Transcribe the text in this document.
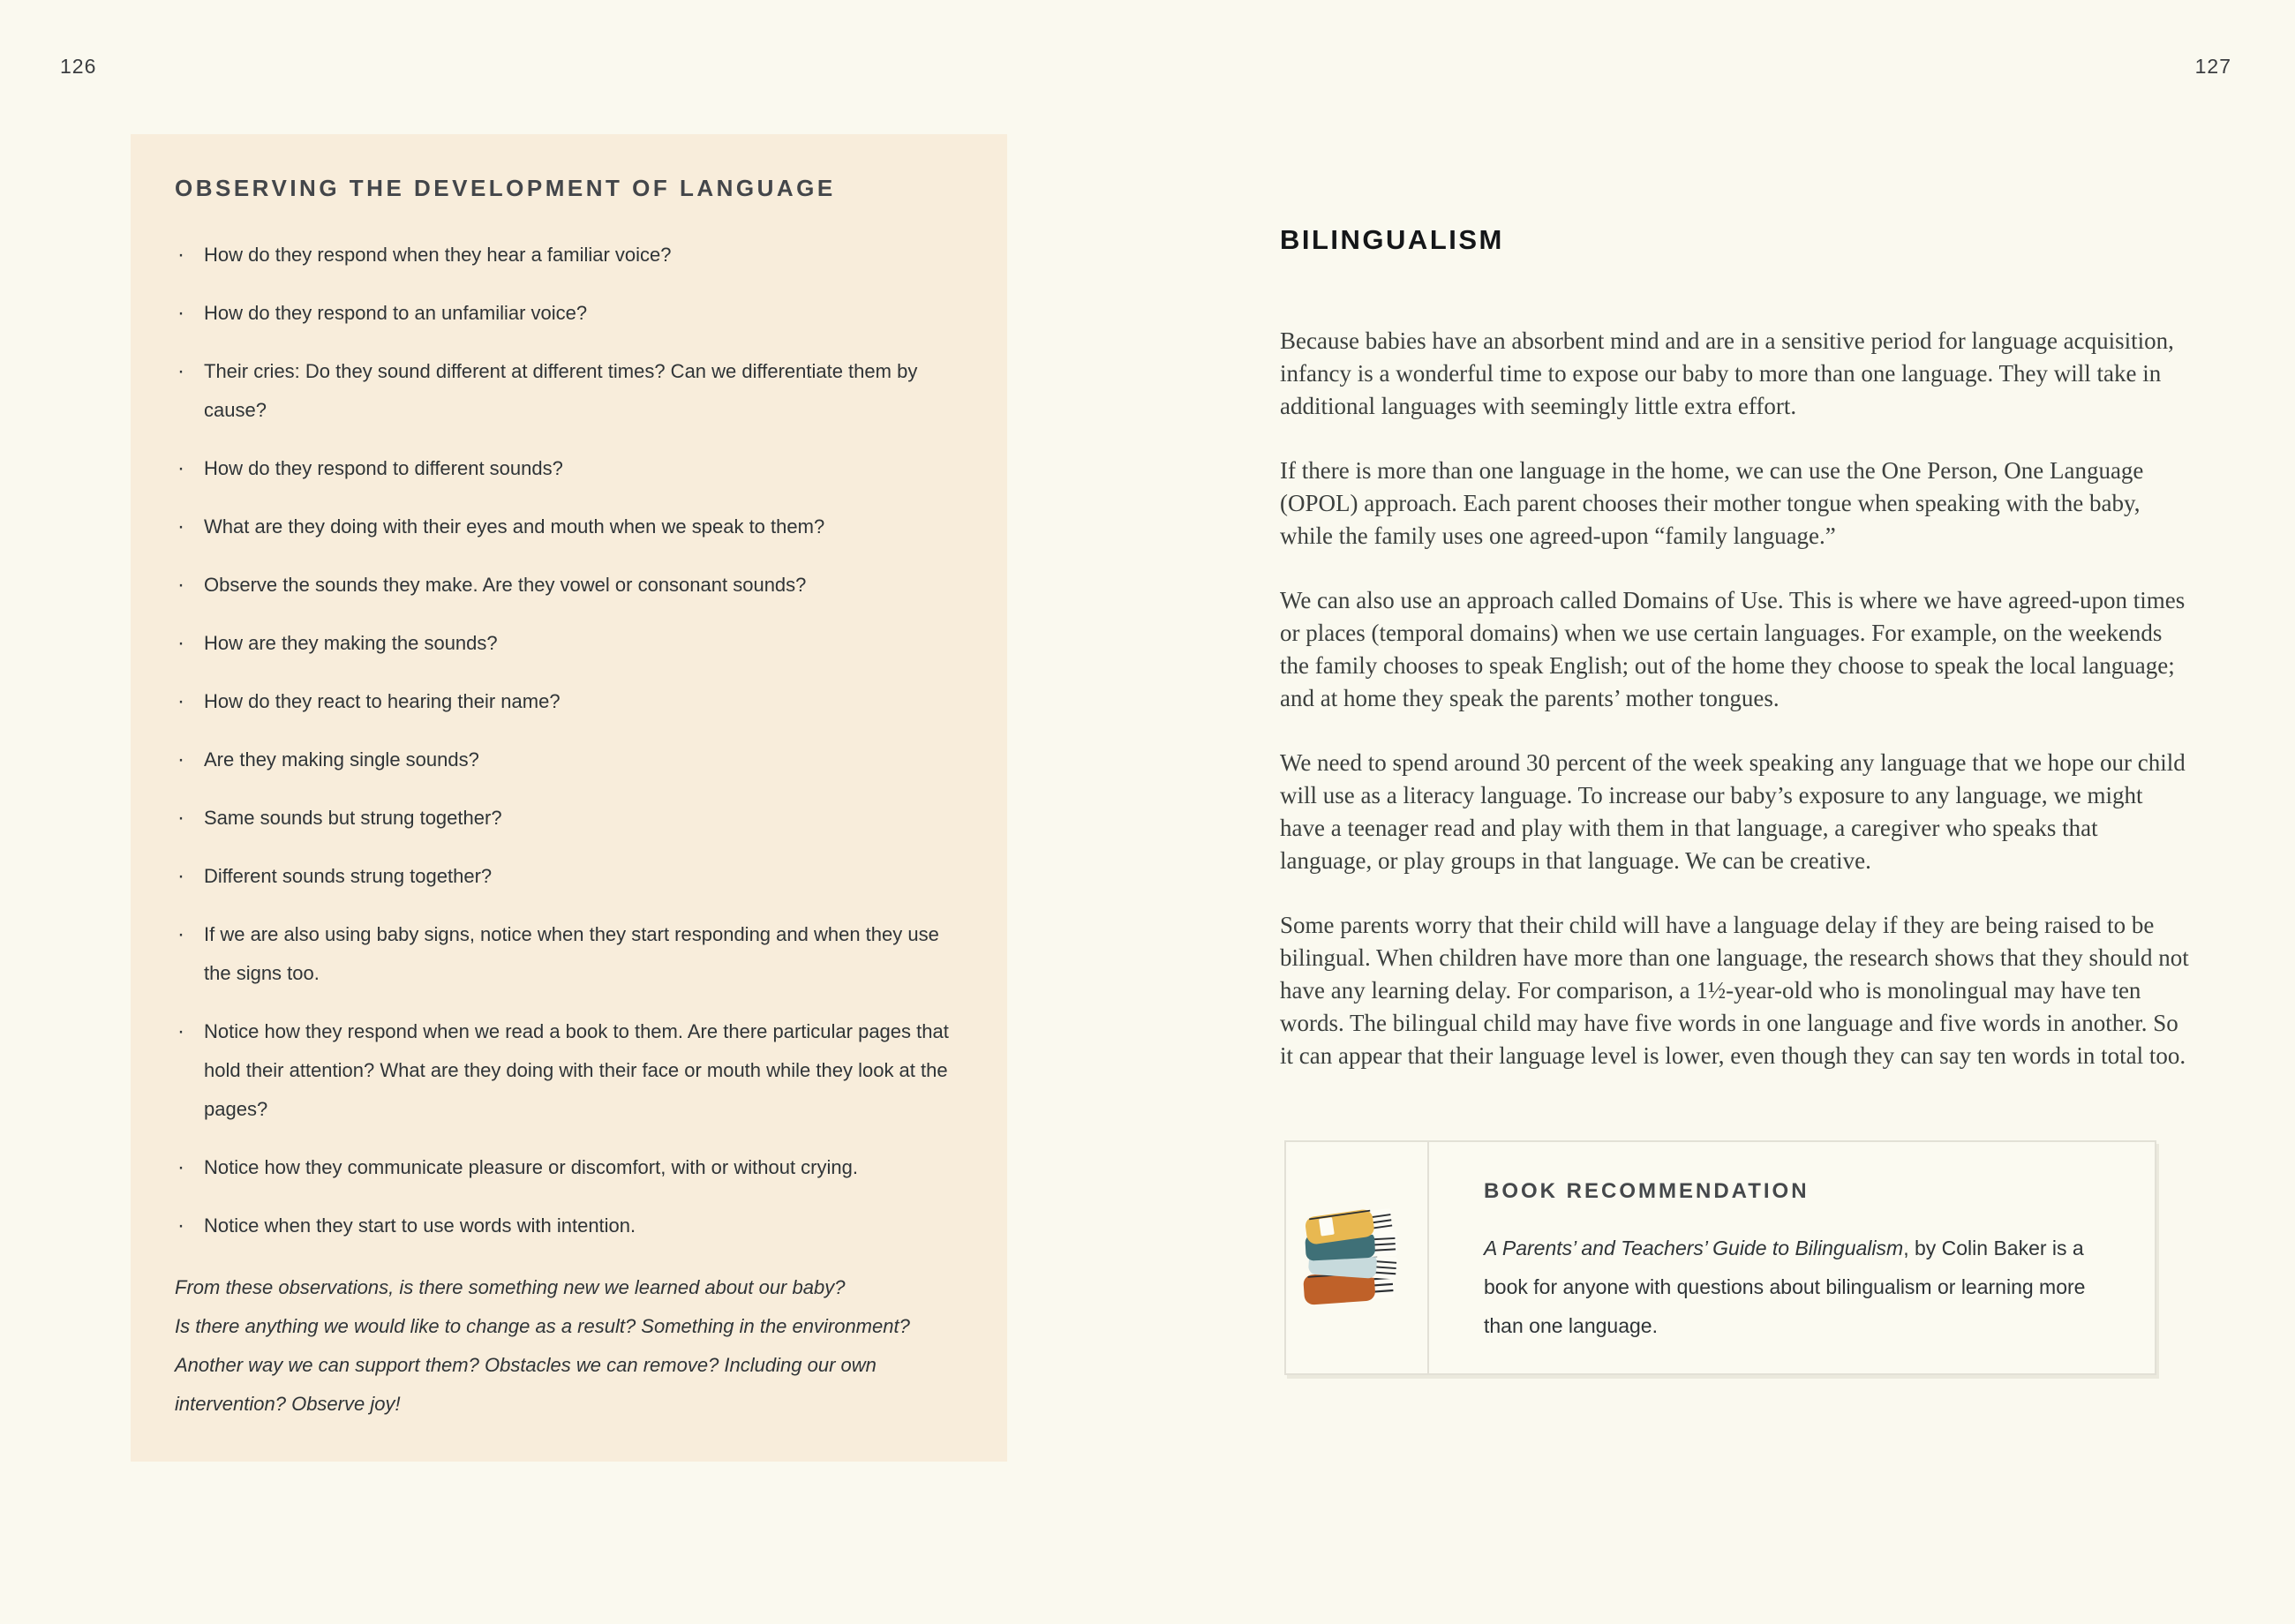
126
OBSERVING THE DEVELOPMENT OF LANGUAGE
· How do they respond when they hear a familiar voice?
· How do they respond to an unfamiliar voice?
· Their cries: Do they sound different at different times? Can we differentiate them by cause?
· How do they respond to different sounds?
· What are they doing with their eyes and mouth when we speak to them?
· Observe the sounds they make. Are they vowel or consonant sounds?
· How are they making the sounds?
· How do they react to hearing their name?
· Are they making single sounds?
· Same sounds but strung together?
· Different sounds strung together?
· If we are also using baby signs, notice when they start responding and when they use the signs too.
· Notice how they respond when we read a book to them. Are there particular pages that hold their attention? What are they doing with their face or mouth while they look at the pages?
· Notice how they communicate pleasure or discomfort, with or without crying.
· Notice when they start to use words with intention.
From these observations, is there something new we learned about our baby?
Is there anything we would like to change as a result? Something in the environment?
Another way we can support them? Obstacles we can remove? Including our own
intervention? Observe joy!
127
BILINGUALISM

Because babies have an absorbent mind and are in a sensitive period for language acquisition, infancy is a wonderful time to expose our baby to more than one language. They will take in additional languages with seemingly little extra effort.

If there is more than one language in the home, we can use the One Person, One Language (OPOL) approach. Each parent chooses their mother tongue when speaking with the baby, while the family uses one agreed-upon “family language.”

We can also use an approach called Domains of Use. This is where we have agreed-upon times or places (temporal domains) when we use certain languages. For example, on the weekends the family chooses to speak English; out of the home they choose to speak the local language; and at home they speak the parents’ mother tongues.

We need to spend around 30 percent of the week speaking any language that we hope our child will use as a literacy language. To increase our baby’s exposure to any language, we might have a teenager read and play with them in that language, a caregiver who speaks that language, or play groups in that language. We can be creative.

Some parents worry that their child will have a language delay if they are being raised to be bilingual. When children have more than one language, the research shows that they should not have any learning delay. For comparison, a 1½-year-old who is monolingual may have ten words. The bilingual child may have five words in one language and five words in another. So it can appear that their language level is lower, even though they can say ten words in total too.

BOOK RECOMMENDATION

A Parents’ and Teachers’ Guide to Bilingualism, by Colin Baker is a book for anyone with questions about bilingualism or learning more than one language.
